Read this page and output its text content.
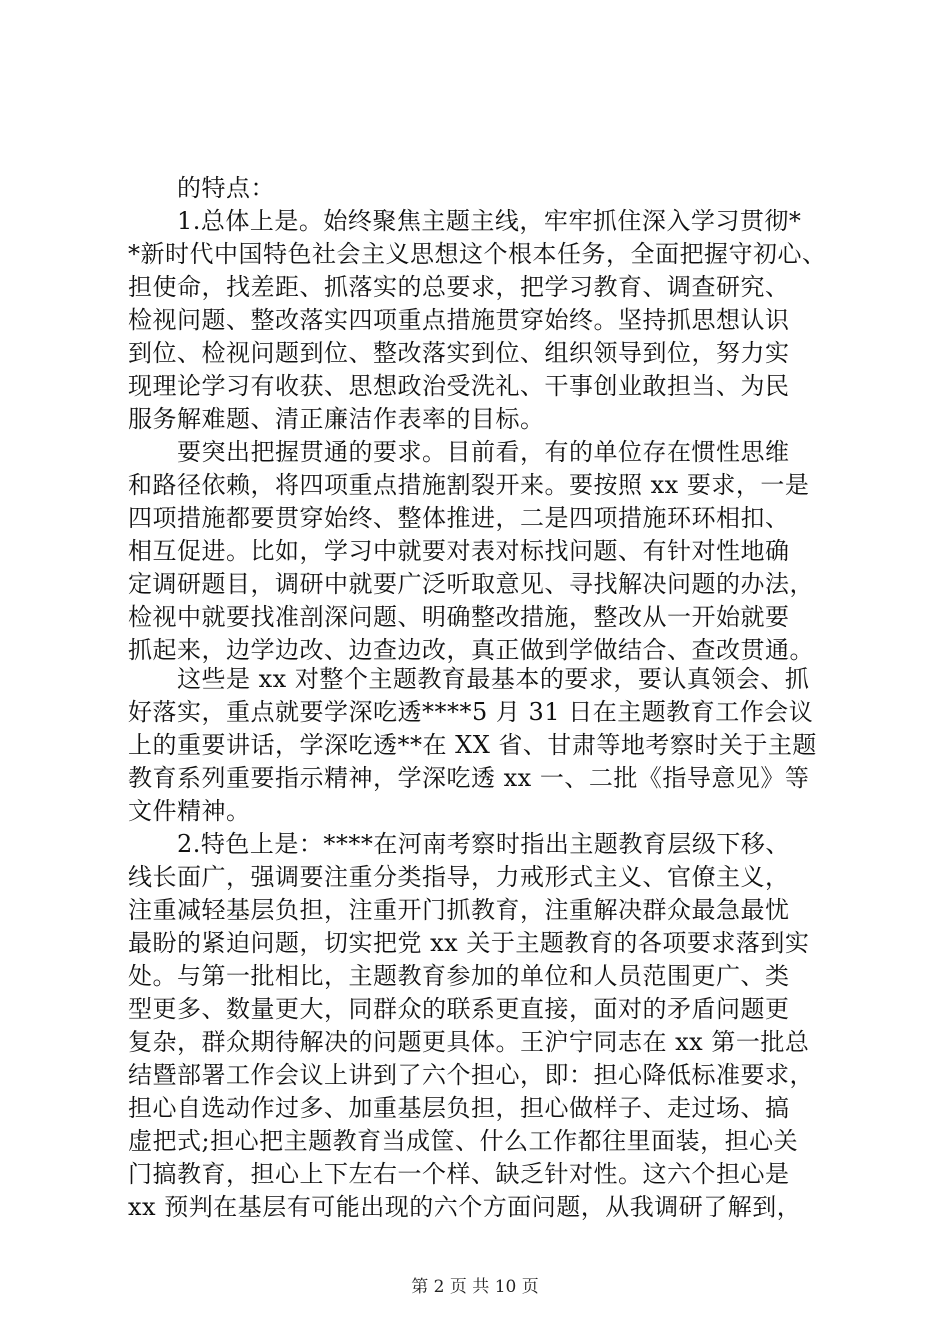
　　的特点：
　　1.总体上是。始终聚焦主题主线，牢牢抓住深入学习贯彻*
*新时代中国特色社会主义思想这个根本任务，全面把握守初心、
担使命，找差距、抓落实的总要求，把学习教育、调查研究、
检视问题、整改落实四项重点措施贯穿始终。坚持抓思想认识
到位、检视问题到位、整改落实到位、组织领导到位，努力实
现理论学习有收获、思想政治受洗礼、干事创业敢担当、为民
服务解难题、清正廉洁作表率的目标。
　　要突出把握贯通的要求。目前看，有的单位存在惯性思维
和路径依赖，将四项重点措施割裂开来。要按照 xx 要求，一是
四项措施都要贯穿始终、整体推进，二是四项措施环环相扣、
相互促进。比如，学习中就要对表对标找问题、有针对性地确
定调研题目，调研中就要广泛听取意见、寻找解决问题的办法，
检视中就要找准剖深问题、明确整改措施，整改从一开始就要
抓起来，边学边改、边查边改，真正做到学做结合、查改贯通。
　　这些是 xx 对整个主题教育最基本的要求，要认真领会、抓
好落实，重点就要学深吃透****5 月 31 日在主题教育工作会议
上的重要讲话，学深吃透**在 XX 省、甘肃等地考察时关于主题
教育系列重要指示精神，学深吃透 xx 一、二批《指导意见》等
文件精神。
　　2.特色上是：****在河南考察时指出主题教育层级下移、
线长面广，强调要注重分类指导，力戒形式主义、官僚主义，
注重减轻基层负担，注重开门抓教育，注重解决群众最急最忧
最盼的紧迫问题，切实把党 xx 关于主题教育的各项要求落到实
处。与第一批相比，主题教育参加的单位和人员范围更广、类
型更多、数量更大，同群众的联系更直接，面对的矛盾问题更
复杂，群众期待解决的问题更具体。王沪宁同志在 xx 第一批总
结暨部署工作会议上讲到了六个担心，即：担心降低标准要求，
担心自选动作过多、加重基层负担，担心做样子、走过场、搞
虚把式;担心把主题教育当成筐、什么工作都往里面装，担心关
门搞教育，担心上下左右一个样、缺乏针对性。这六个担心是
xx 预判在基层有可能出现的六个方面问题，从我调研了解到，
第 2 页 共 10 页
